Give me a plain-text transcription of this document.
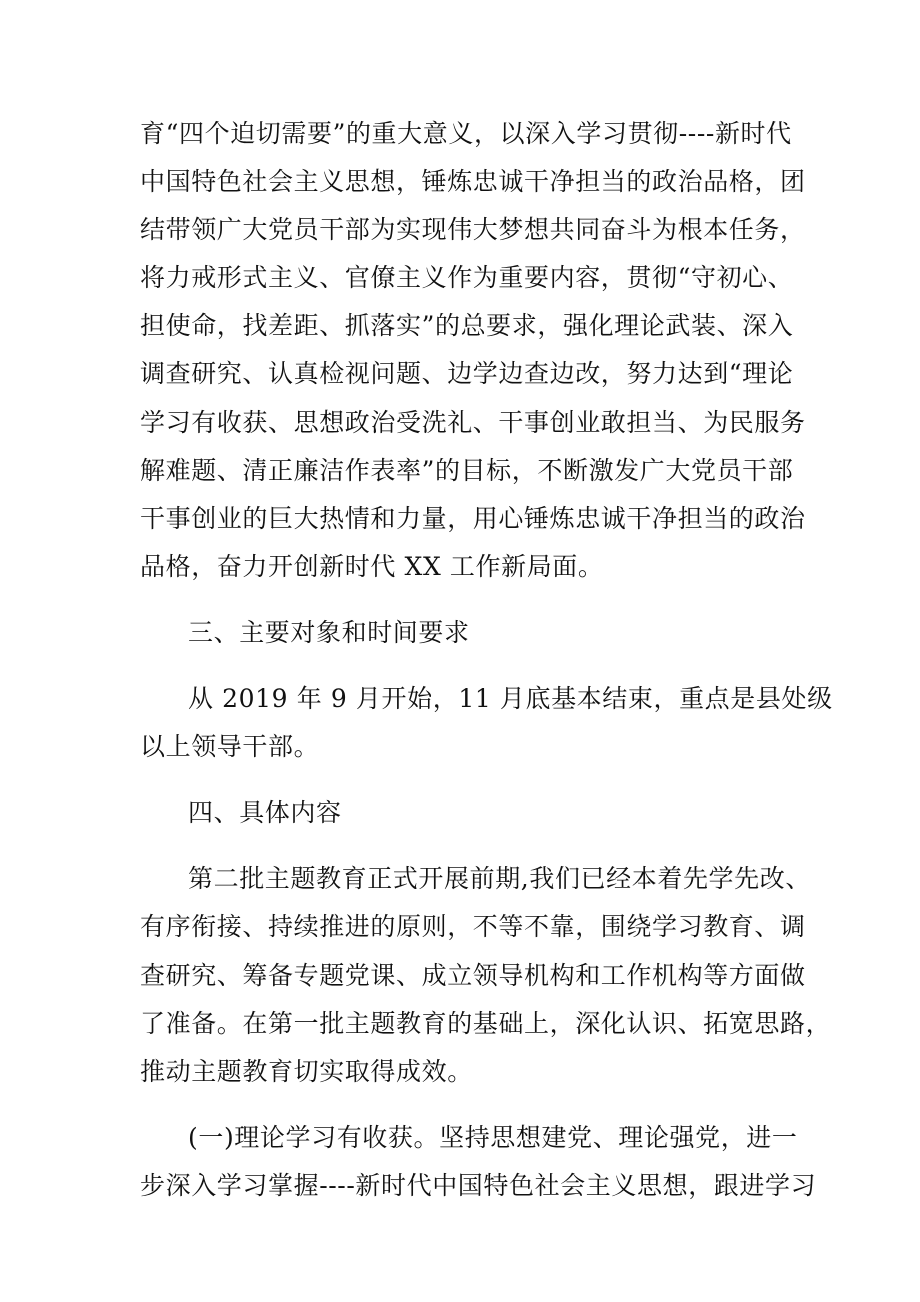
育“四个迫切需要”的重大意义，以深入学习贯彻----新时代
中国特色社会主义思想，锤炼忠诚干净担当的政治品格，团
结带领广大党员干部为实现伟大梦想共同奋斗为根本任务，
将力戒形式主义、官僚主义作为重要内容，贯彻“守初心、
担使命，找差距、抓落实”的总要求，强化理论武装、深入
调查研究、认真检视问题、边学边查边改，努力达到“理论
学习有收获、思想政治受洗礼、干事创业敢担当、为民服务
解难题、清正廉洁作表率”的目标，不断激发广大党员干部
干事创业的巨大热情和力量，用心锤炼忠诚干净担当的政治
品格，奋力开创新时代 XX 工作新局面。
三、主要对象和时间要求
从 2019 年 9 月开始，11 月底基本结束，重点是县处级
以上领导干部。
四、具体内容
第二批主题教育正式开展前期,我们已经本着先学先改、
有序衔接、持续推进的原则，不等不靠，围绕学习教育、调
查研究、筹备专题党课、成立领导机构和工作机构等方面做
了准备。在第一批主题教育的基础上，深化认识、拓宽思路，
推动主题教育切实取得成效。
(一)理论学习有收获。坚持思想建党、理论强党，进一
步深入学习掌握----新时代中国特色社会主义思想，跟进学习
